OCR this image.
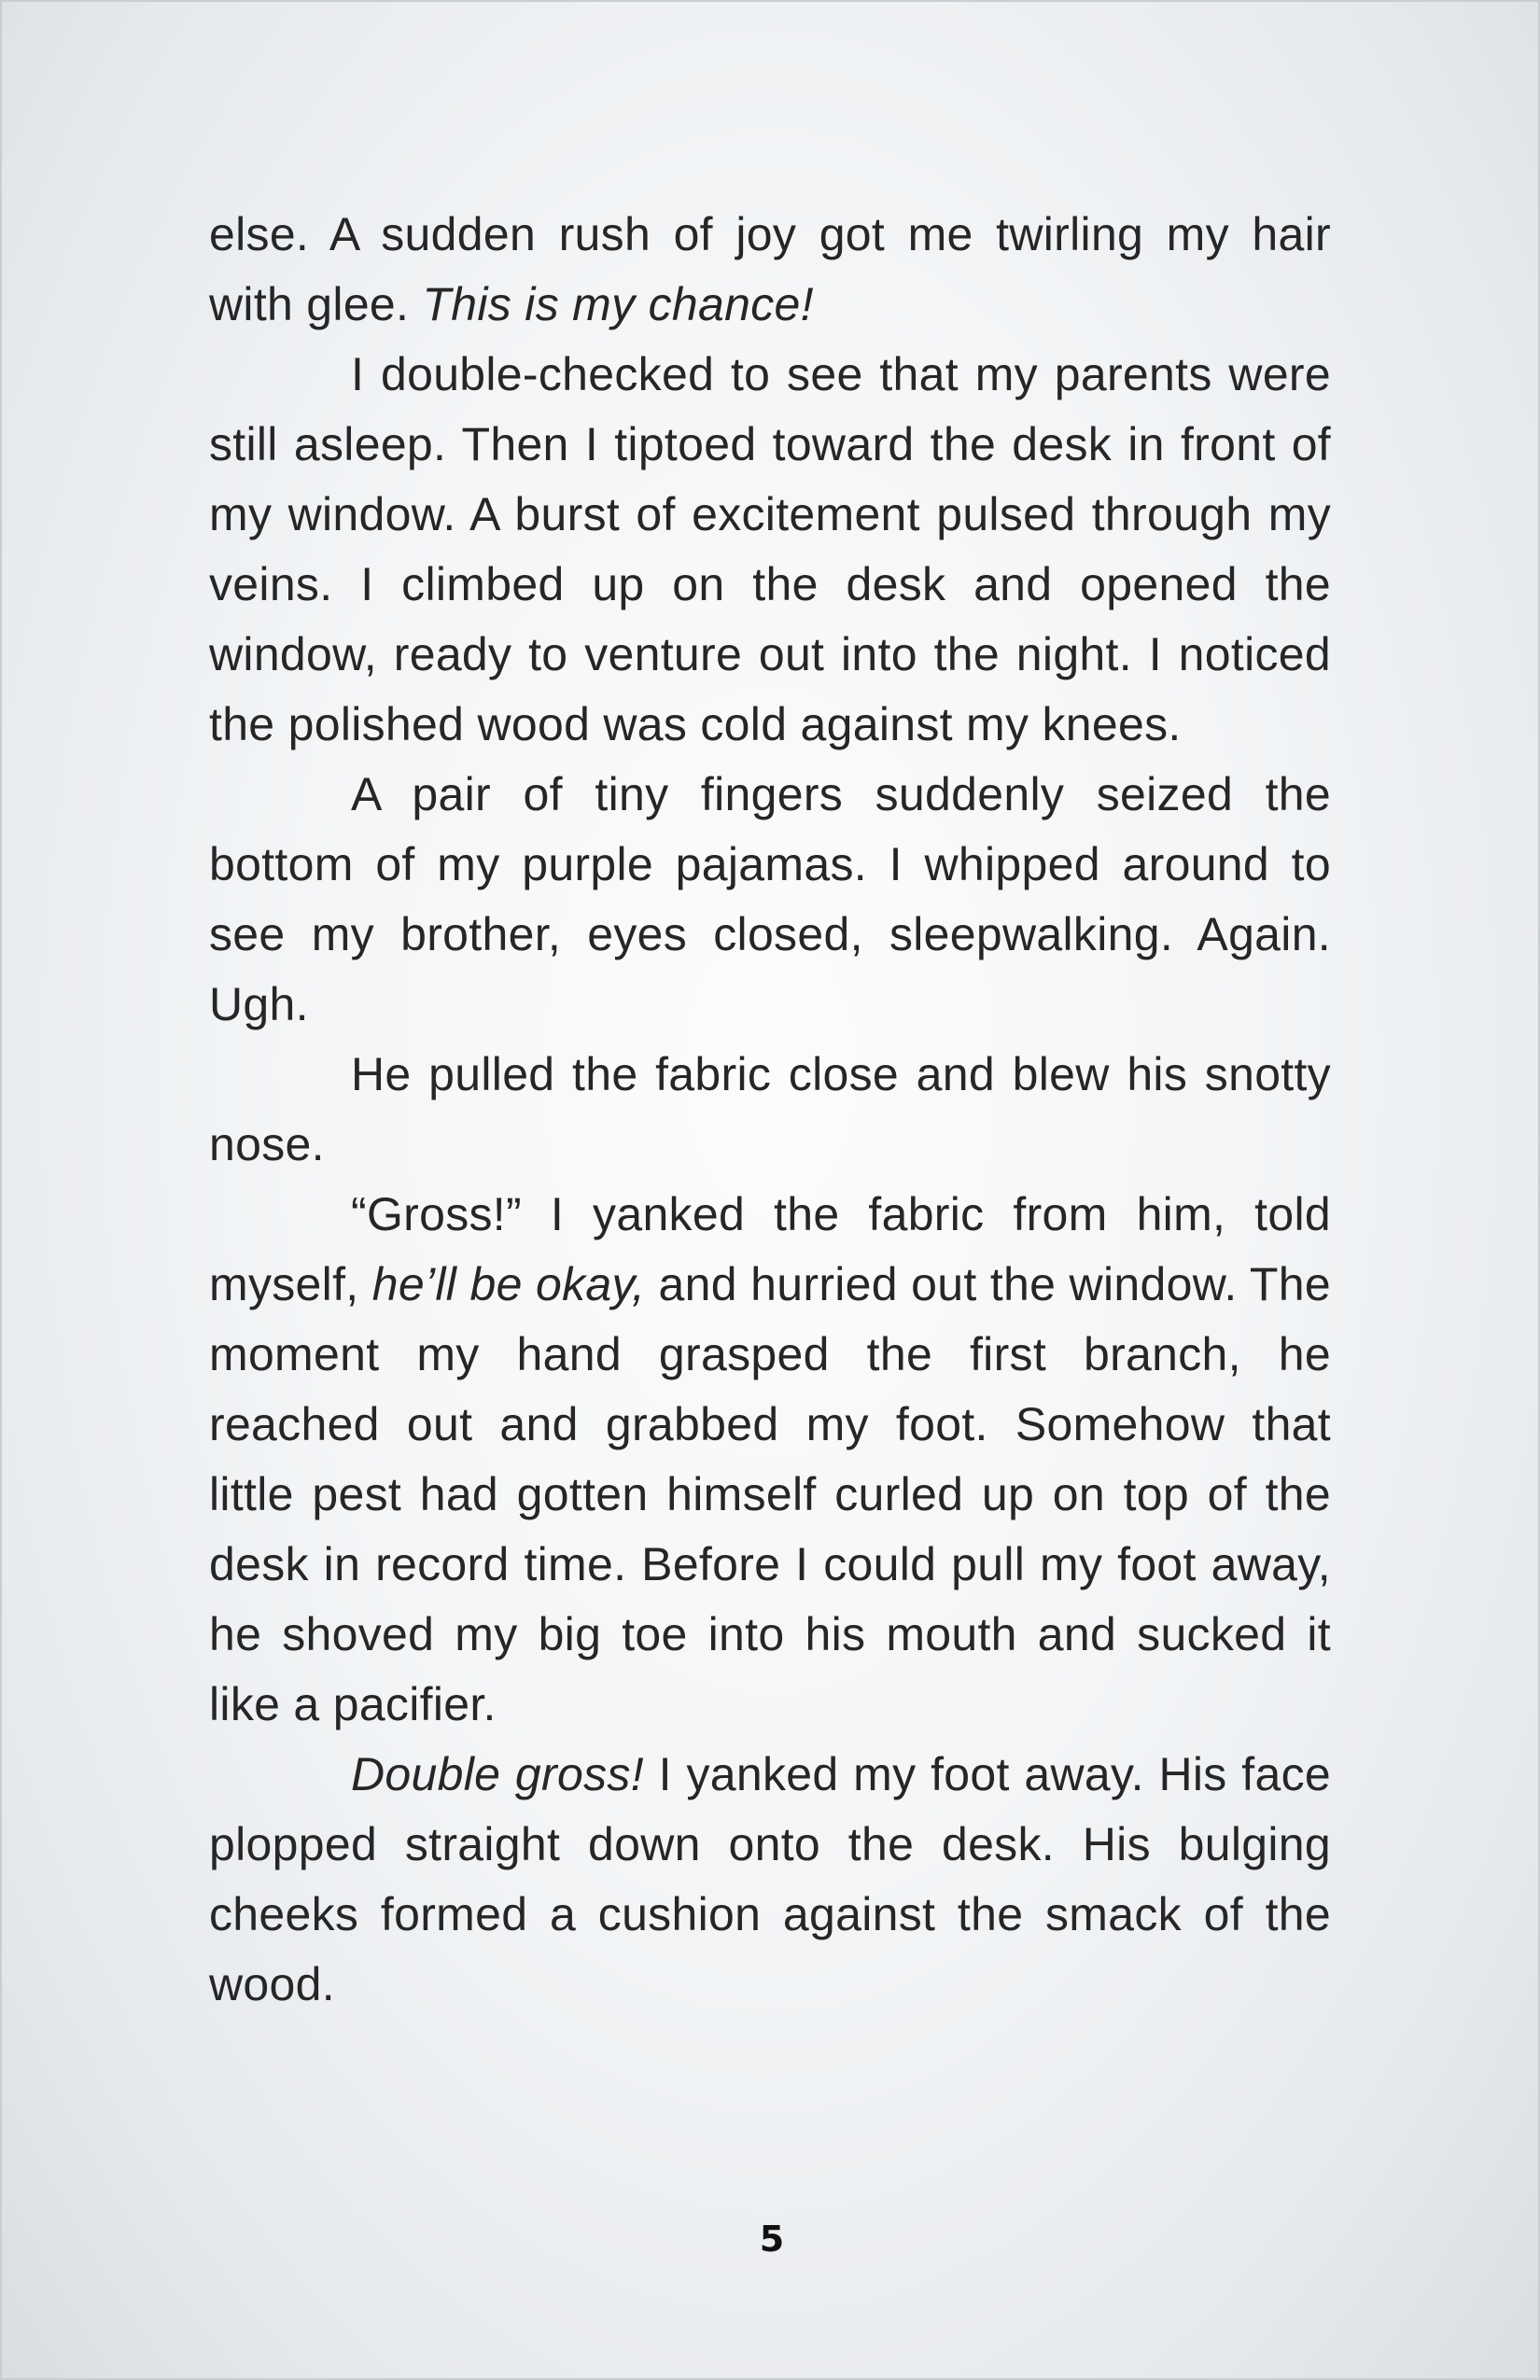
else. A sudden rush of joy got me twirling my hair with glee. This is my chance!

I double-checked to see that my parents were still asleep. Then I tiptoed toward the desk in front of my window. A burst of excitement pulsed through my veins. I climbed up on the desk and opened the window, ready to venture out into the night. I noticed the polished wood was cold against my knees.

A pair of tiny fingers suddenly seized the bottom of my purple pajamas. I whipped around to see my brother, eyes closed, sleepwalking. Again. Ugh.

He pulled the fabric close and blew his snotty nose.

“Gross!” I yanked the fabric from him, told myself, he’ll be okay, and hurried out the window. The moment my hand grasped the first branch, he reached out and grabbed my foot. Somehow that little pest had gotten himself curled up on top of the desk in record time. Before I could pull my foot away, he shoved my big toe into his mouth and sucked it like a pacifier.

Double gross! I yanked my foot away. His face plopped straight down onto the desk. His bulging cheeks formed a cushion against the smack of the wood.

5
